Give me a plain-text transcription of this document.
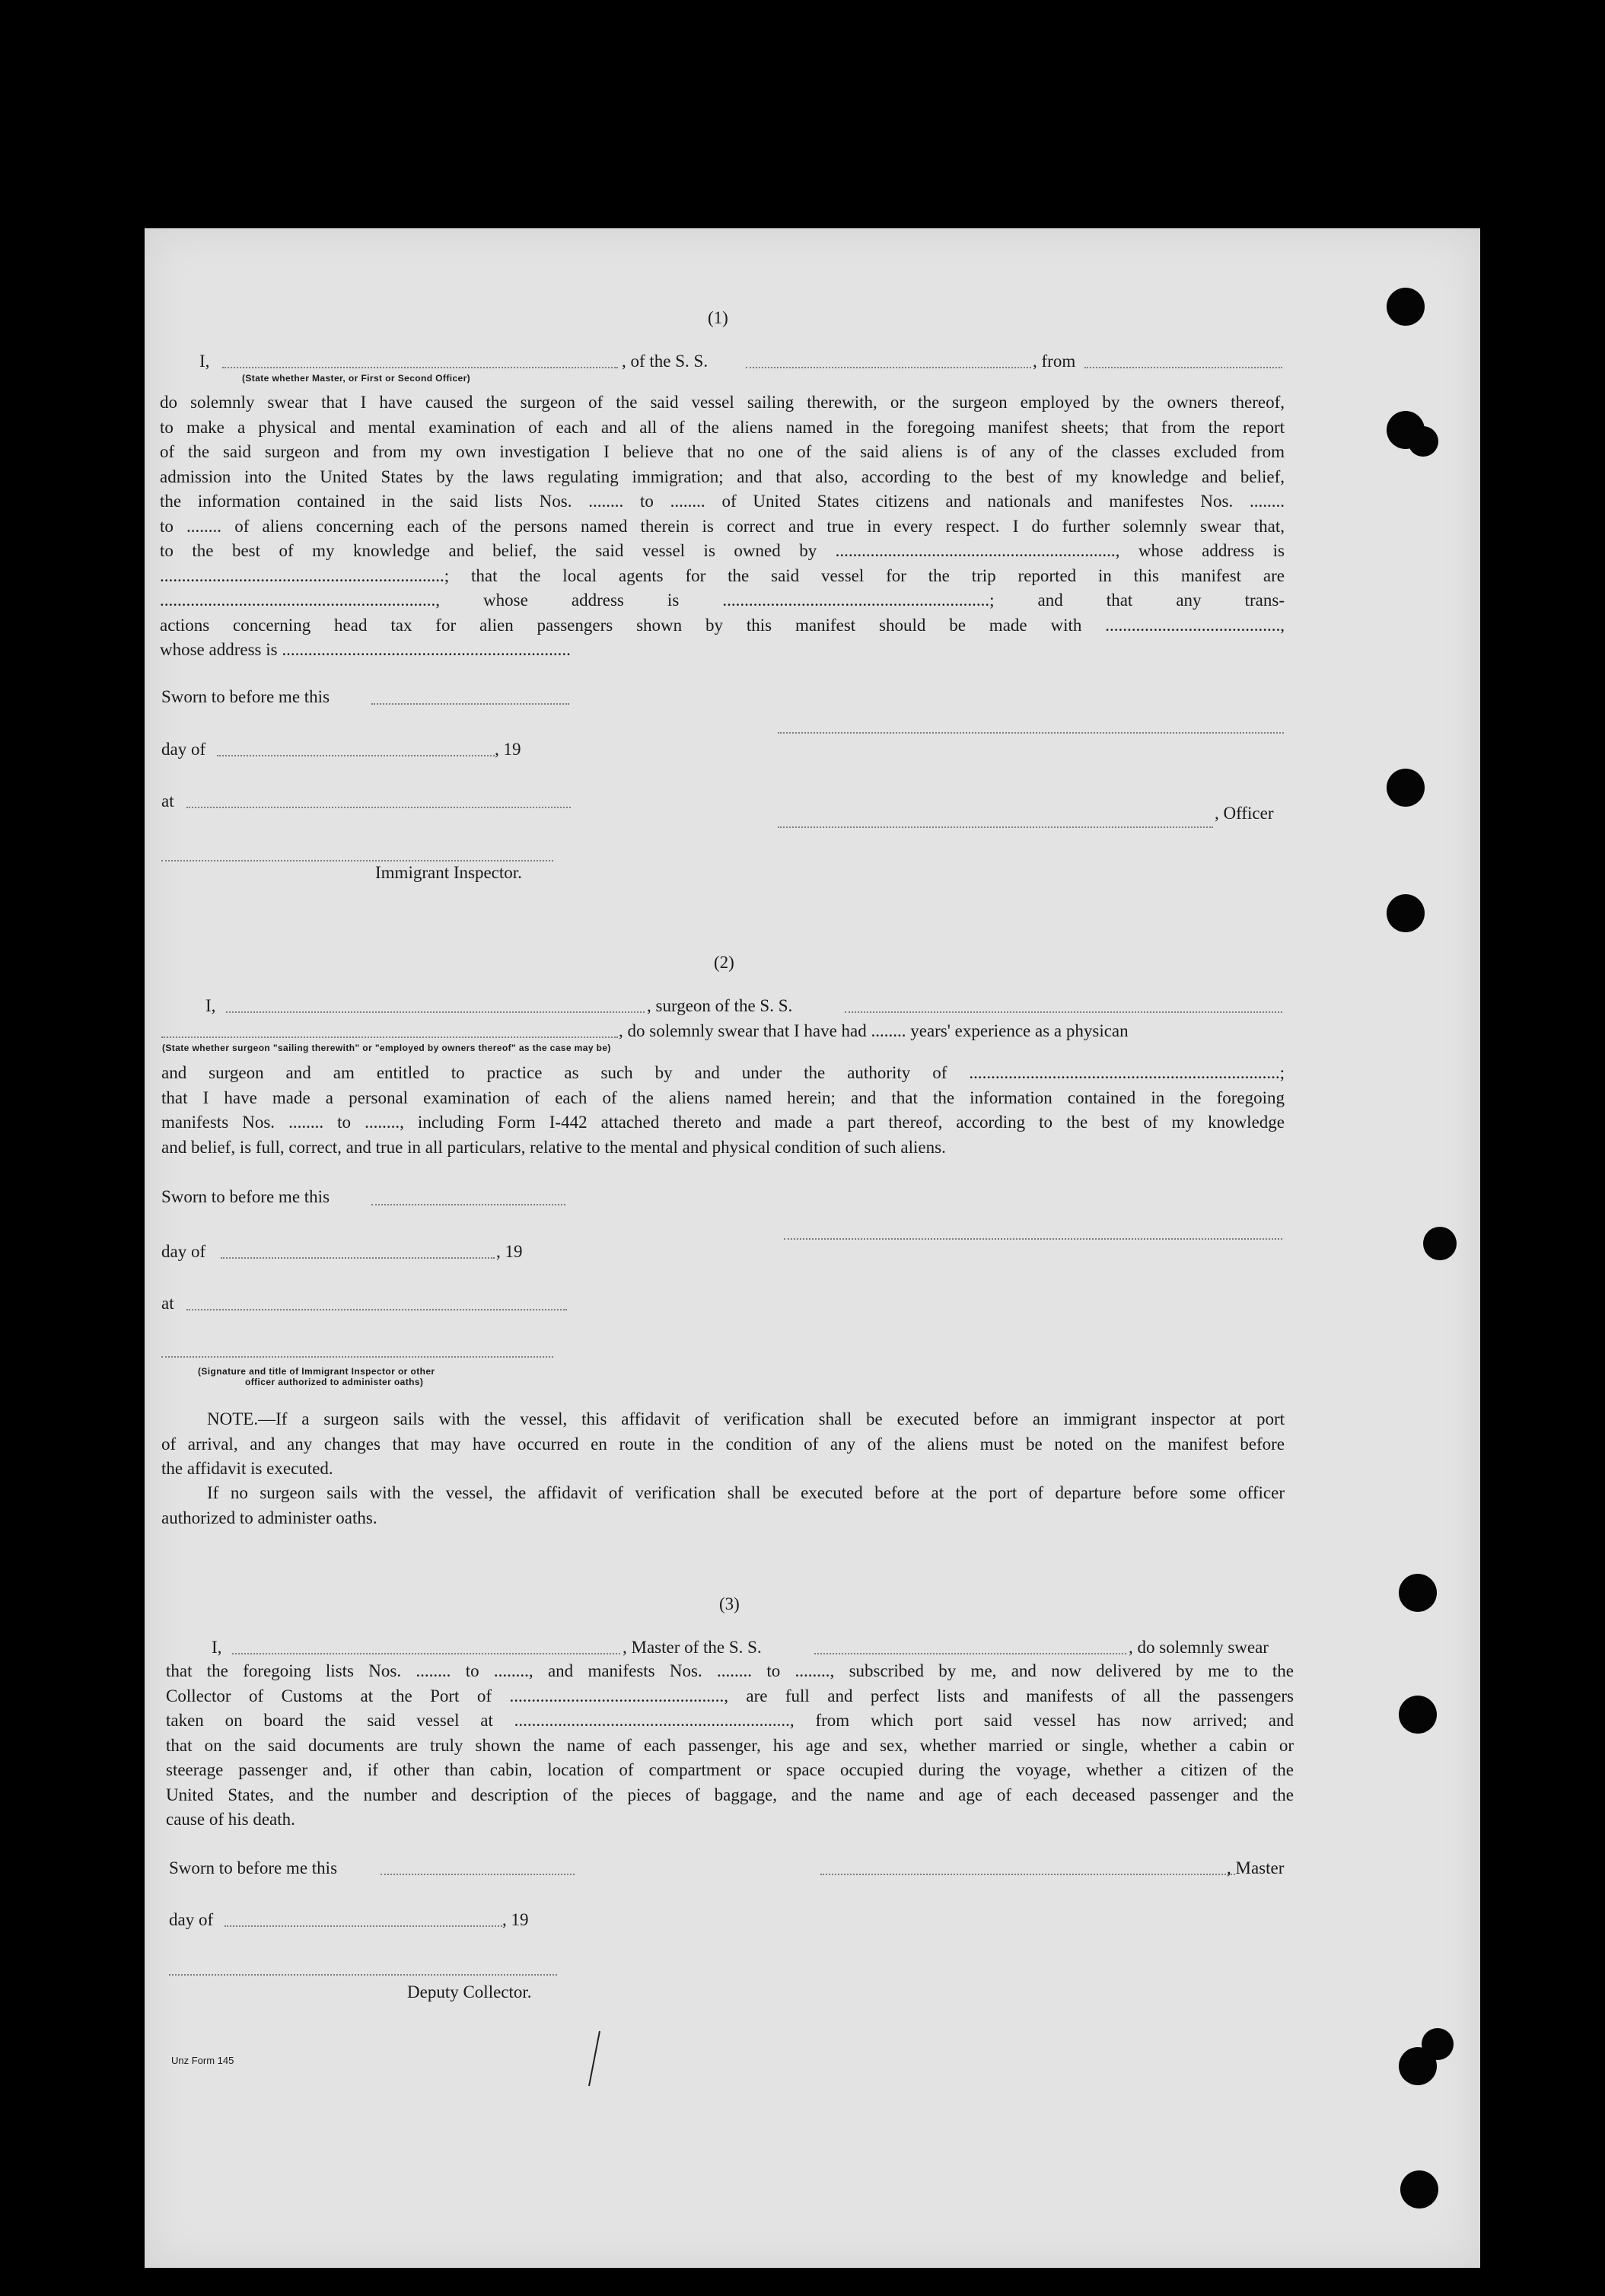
(1)
I,	, of the S. S.	, from
(State whether Master, or First or Second Officer)
do solemnly swear that I have caused the surgeon of the said vessel sailing therewith, or the surgeon employed by the owners thereof,
to make a physical and mental examination of each and all of the aliens named in the foregoing manifest sheets; that from the report
of the said surgeon and from my own investigation I believe that no one of the said aliens is of any of the classes excluded from
admission into the United States by the laws regulating immigration; and that also, according to the best of my knowledge and belief,
the information contained in the said lists Nos. ........ to ........ of United States citizens and nationals and manifestes Nos. ........
to ........ of aliens concerning each of the persons named therein is correct and true in every respect. I do further solemnly swear that,
to the best of my knowledge and belief, the said vessel is owned by ................................................................, whose address is
.................................................................; that the local agents for the said vessel for the trip reported in this manifest are
..............................................................., whose address is .............................................................; and that any trans-
actions concerning head tax for alien passengers shown by this manifest should be made with ........................................,
whose address is ..................................................................
Sworn to before me this
day of	, 19
at
, Officer
Immigrant Inspector.
(2)
I,	, surgeon of the S. S.
, do solemnly swear that I have had ........ years' experience as a physican
(State whether surgeon "sailing therewith" or "employed by owners thereof" as the case may be)
and surgeon and am entitled to practice as such by and under the authority of .......................................................................;
that I have made a personal examination of each of the aliens named herein; and that the information contained in the foregoing
manifests Nos. ........ to ........, including Form I-442 attached thereto and made a part thereof, according to the best of my knowledge
and belief, is full, correct, and true in all particulars, relative to the mental and physical condition of such aliens.
Sworn to before me this
day of	, 19
at
(Signature and title of Immigrant Inspector or other
officer authorized to administer oaths)
NOTE.—If a surgeon sails with the vessel, this affidavit of verification shall be executed before an immigrant inspector at port
of arrival, and any changes that may have occurred en route in the condition of any of the aliens must be noted on the manifest before
the affidavit is executed.
If no surgeon sails with the vessel, the affidavit of verification shall be executed before at the port of departure before some officer
authorized to administer oaths.
(3)
I,	, Master of the S. S.	, do solemnly swear
that the foregoing lists Nos. ........ to ........, and manifests Nos. ........ to ........, subscribed by me, and now delivered by me to the
Collector of Customs at the Port of ................................................., are full and perfect lists and manifests of all the passengers
taken on board the said vessel at ..............................................................., from which port said vessel has now arrived; and
that on the said documents are truly shown the name of each passenger, his age and sex, whether married or single, whether a cabin or
steerage passenger and, if other than cabin, location of compartment or space occupied during the voyage, whether a citizen of the
United States, and the number and description of the pieces of baggage, and the name and age of each deceased passenger and the
cause of his death.
Sworn to before me this	, Master
day of	, 19
Deputy Collector.
Unz Form 145
